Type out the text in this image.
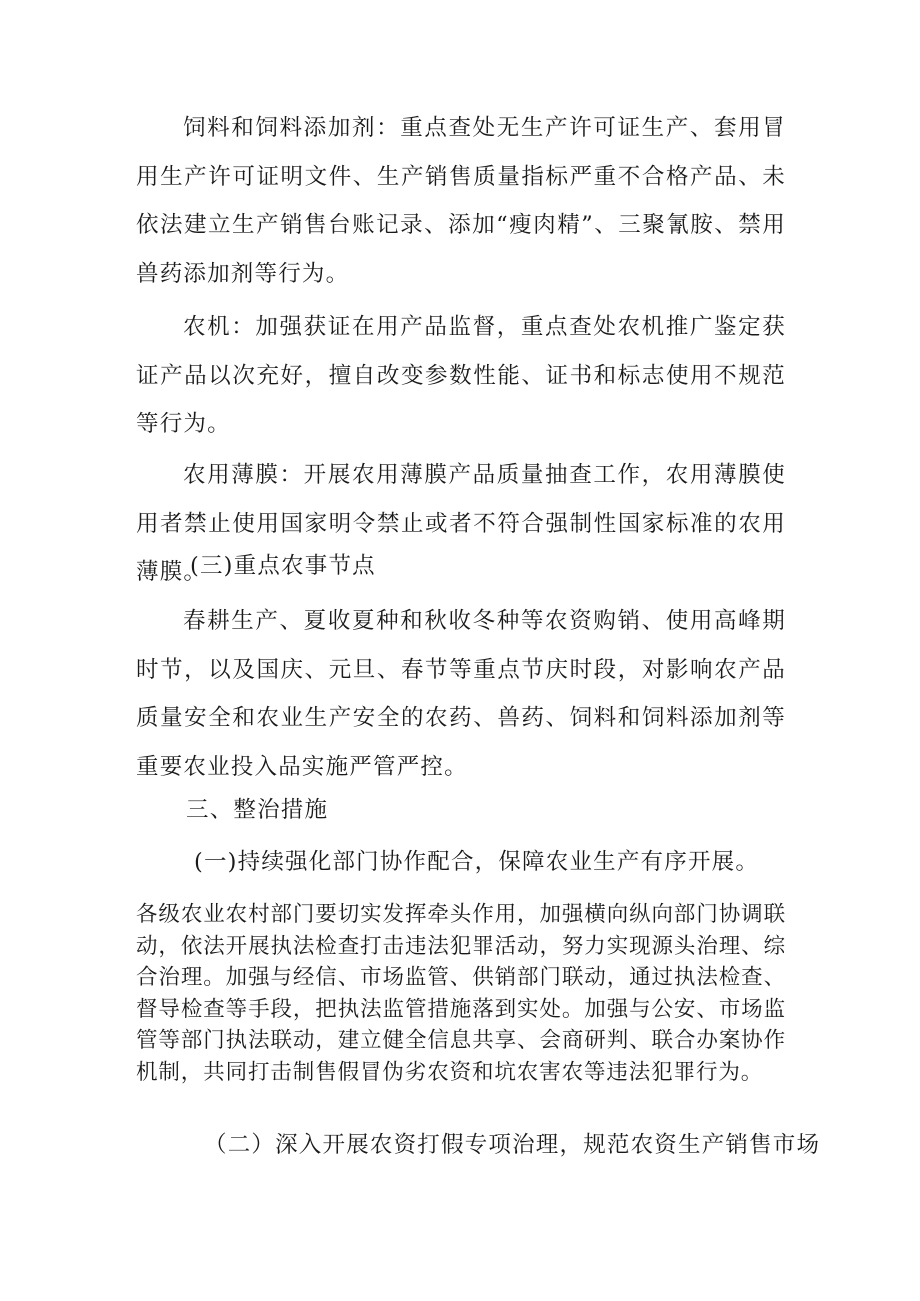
饲料和饲料添加剂：重点查处无生产许可证生产、套用冒用生产许可证明文件、生产销售质量指标严重不合格产品、未依法建立生产销售台账记录、添加“瘦肉精”、三聚氰胺、禁用兽药添加剂等行为。

农机：加强获证在用产品监督，重点查处农机推广鉴定获证产品以次充好，擅自改变参数性能、证书和标志使用不规范等行为。

农用薄膜：开展农用薄膜产品质量抽查工作，农用薄膜使用者禁止使用国家明令禁止或者不符合强制性国家标准的农用薄膜。

(三)重点农事节点

春耕生产、夏收夏种和秋收冬种等农资购销、使用高峰期时节，以及国庆、元旦、春节等重点节庆时段，对影响农产品质量安全和农业生产安全的农药、兽药、饲料和饲料添加剂等重要农业投入品实施严管严控。

三、整治措施

(一)持续强化部门协作配合，保障农业生产有序开展。

各级农业农村部门要切实发挥牵头作用，加强横向纵向部门协调联动，依法开展执法检查打击违法犯罪活动，努力实现源头治理、综合治理。加强与经信、市场监管、供销部门联动，通过执法检查、督导检查等手段，把执法监管措施落到实处。加强与公安、市场监管等部门执法联动，建立健全信息共享、会商研判、联合办案协作机制，共同打击制售假冒伪劣农资和坑农害农等违法犯罪行为。

（二）深入开展农资打假专项治理，规范农资生产销售市场
